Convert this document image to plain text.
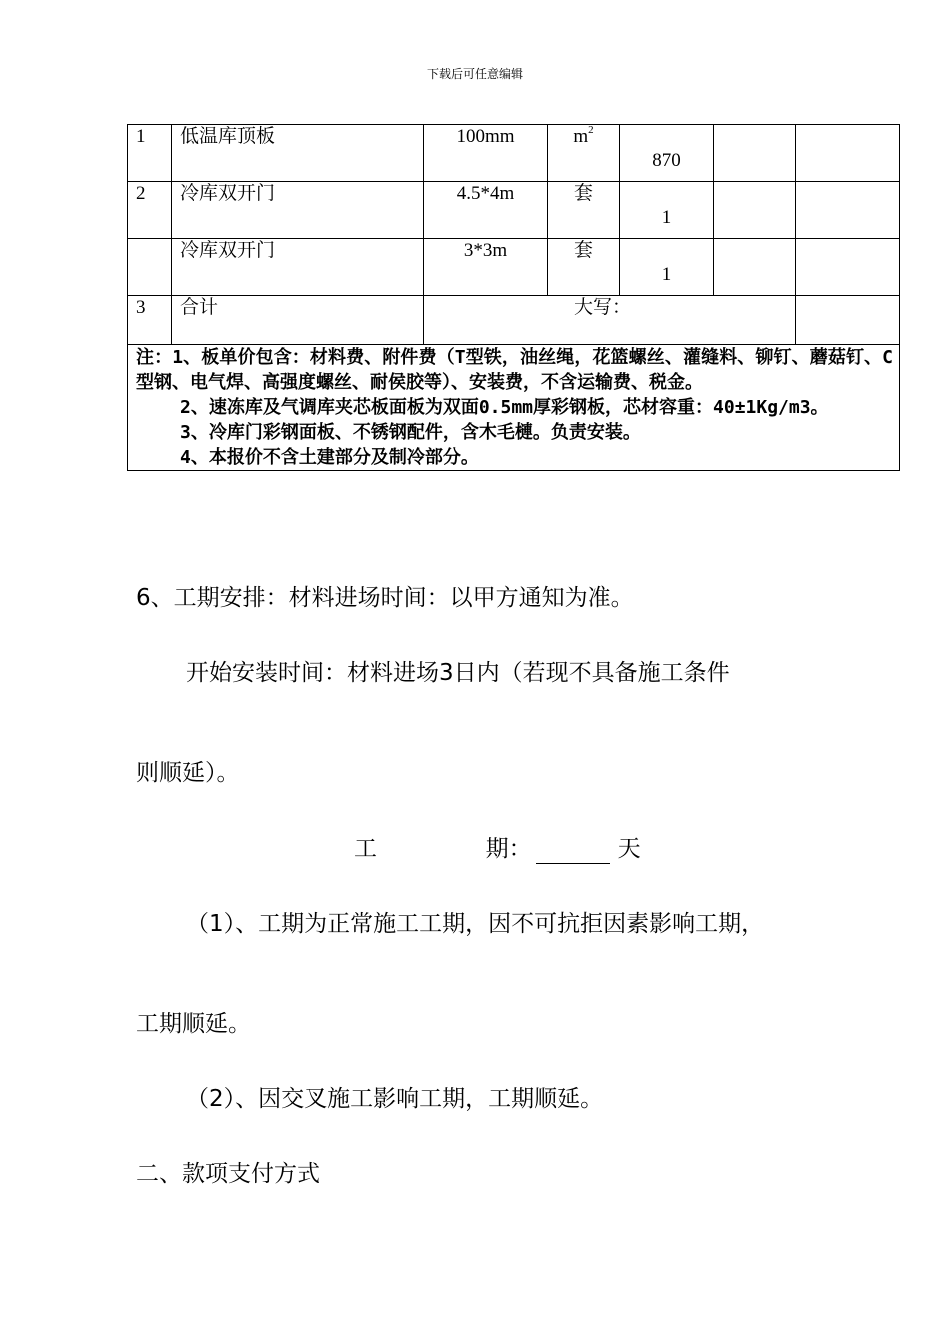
下载后可任意编辑
1	低温库顶板	100mm	$m^2$	870		
2	冷库双开门	4.5*4m	套	1		
	冷库双开门	3*3m	套	1		
3	合计	大写：				

注：1、板单价包含：材料费、附件费（T型铁，油丝绳，花篮螺丝、灌缝料、铆钉、蘑菇钉、C型钢、电气焊、高强度螺丝、耐侯胶等）、安装费，不含运输费、税金。

2、速冻库及气调库夹芯板面板为双面0.5mm厚彩钢板，芯材容重：40±1Kg/m3。

3、冷库门彩钢面板、不锈钢配件，含木毛槤。负责安装。

4、本报价不含土建部分及制冷部分。						

6、工期安排：材料进场时间：以甲方通知为准。
开始安装时间：材料进场3日内（若现不具备施工条件
则顺延）。
工	期：	天
（1）、工期为正常施工工期，因不可抗拒因素影响工期，
工期顺延。
（2）、因交叉施工影响工期，工期顺延。
二、款项支付方式
